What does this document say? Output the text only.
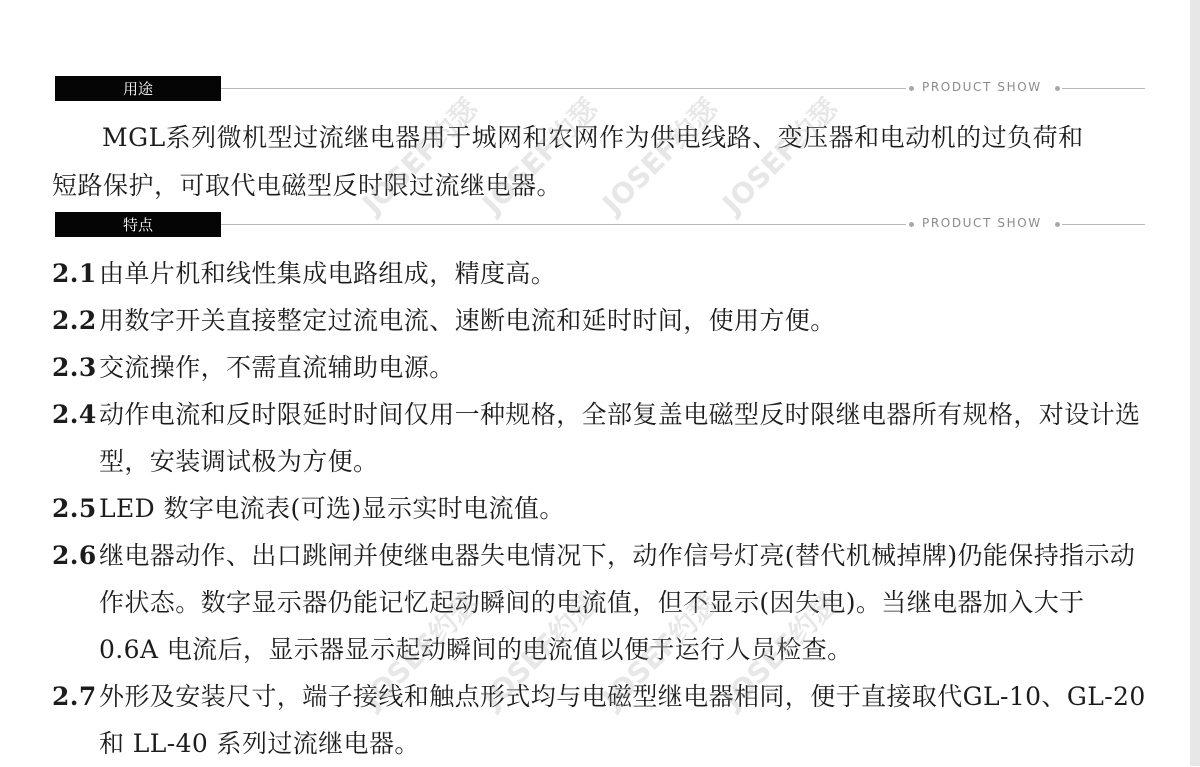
用途	PRODUCT SHOW
MGL系列微机型过流继电器用于城网和农网作为供电线路、变压器和电动机的过负荷和
短路保护，可取代电磁型反时限过流继电器。
特点	PRODUCT SHOW
2.1 由单片机和线性集成电路组成，精度高。
2.2 用数字开关直接整定过流电流、速断电流和延时时间，使用方便。
2.3 交流操作，不需直流辅助电源。
2.4 动作电流和反时限延时时间仅用一种规格，全部复盖电磁型反时限继电器所有规格，对设计选型，安装调试极为方便。
2.5 LED 数字电流表(可选)显示实时电流值。
2.6 继电器动作、出口跳闸并使继电器失电情况下，动作信号灯亮(替代机械掉牌)仍能保持指示动作状态。数字显示器仍能记忆起动瞬间的电流值，但不显示(因失电)。当继电器加入大于 0.6A 电流后，显示器显示起动瞬间的电流值以便于运行人员检查。
2.7 外形及安装尺寸，端子接线和触点形式均与电磁型继电器相同，便于直接取代GL-10、GL-20 和 LL-40 系列过流继电器。
JOSEF约瑟
JOSEF约瑟
JOSEF约瑟
JOSEF约瑟
JOSEF约瑟
JOSEF约瑟
JOSEF约瑟
JOSEF约瑟
